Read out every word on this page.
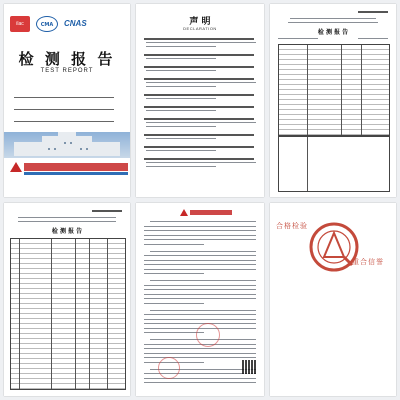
ilac	CMA	CNAS
检 测 报 告
TEST REPORT
声 明
DECLARATION
检 测 报 告
检 测 报 告
合格检验
重合信誉
